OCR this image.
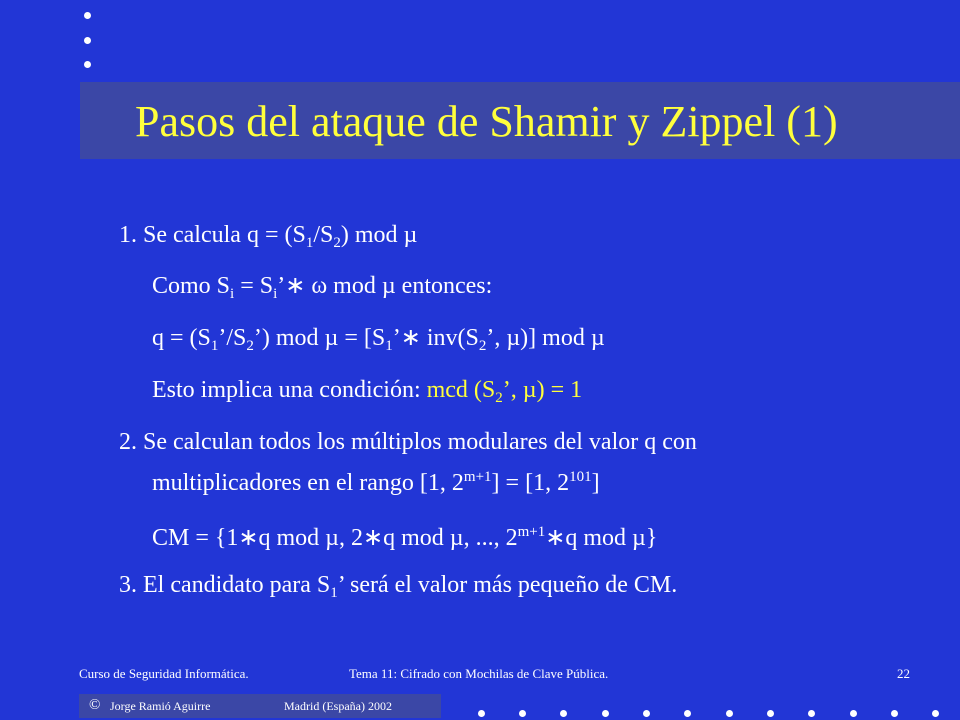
Pasos del ataque de Shamir y Zippel (1)
1. Se calcula $q = (S_1/S_2)$ mod µ
Como $S_i$ = $S_i’∗$ ω mod µ entonces:
$q = (S_1’/S_2’)$ mod $\mu = [S_1’∗$ $inv(S_2$’, µ)] mod µ
Esto implica una condición: mcd ($S_2$’, µ) = 1
2. Se calculan todos los múltiplos modulares del valor q con
multiplicadores en el rango [1, $2^{m+1}] = [1$, $2^{101}$]
CM = {1∗q mod µ, 2∗q mod µ, ..., $2^{m+1}∗q$ mod µ}
3. El candidato para $S_1$’ será el valor más pequeño de CM.
Curso de Seguridad Informática.	Tema 11: Cifrado con Mochilas de Clave Pública.	22
© Jorge Ramió Aguirre	Madrid (España) 2002
